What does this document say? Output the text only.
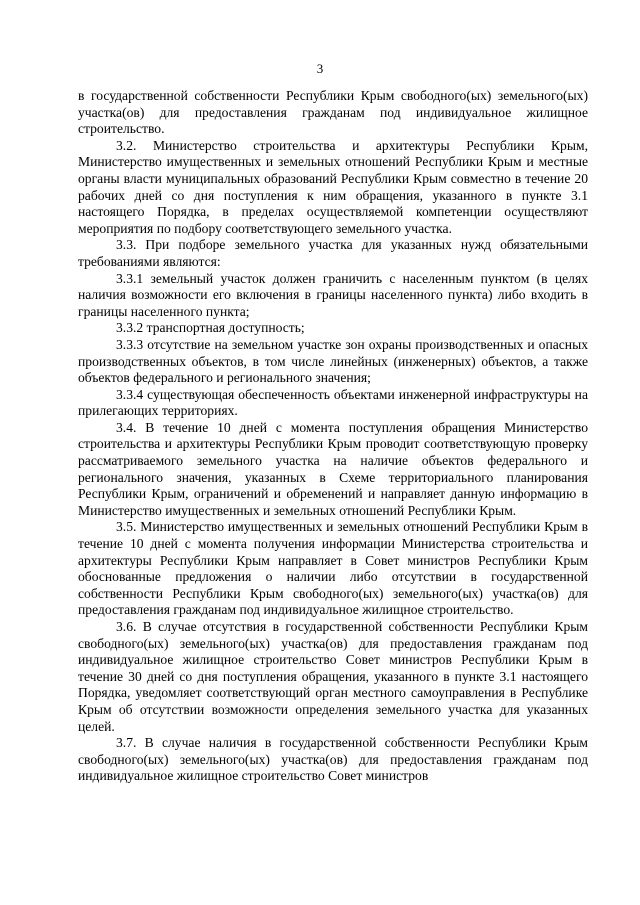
3

в государственной собственности Республики Крым свободного(ых) земельного(ых) участка(ов) для предоставления гражданам под индивидуальное жилищное строительство.

3.2. Министерство строительства и архитектуры Республики Крым, Министерство имущественных и земельных отношений Республики Крым и местные органы власти муниципальных образований Республики Крым совместно в течение 20 рабочих дней со дня поступления к ним обращения, указанного в пункте 3.1 настоящего Порядка, в пределах осуществляемой компетенции осуществляют мероприятия по подбору соответствующего земельного участка.

3.3. При подборе земельного участка для указанных нужд обязательными требованиями являются:

3.3.1 земельный участок должен граничить с населенным пунктом (в целях наличия возможности его включения в границы населенного пункта) либо входить в границы населенного пункта;

3.3.2 транспортная доступность;

3.3.3 отсутствие на земельном участке зон охраны производственных и опасных производственных объектов, в том числе линейных (инженерных) объектов, а также объектов федерального и регионального значения;

3.3.4 существующая обеспеченность объектами инженерной инфраструктуры на прилегающих территориях.

3.4. В течение 10 дней с момента поступления обращения Министерство строительства и архитектуры Республики Крым проводит соответствующую проверку рассматриваемого земельного участка на наличие объектов федерального и регионального значения, указанных в Схеме территориального планирования Республики Крым, ограничений и обременений и направляет данную информацию в Министерство имущественных и земельных отношений Республики Крым.

3.5. Министерство имущественных и земельных отношений Республики Крым в течение 10 дней с момента получения информации Министерства строительства и архитектуры Республики Крым направляет в Совет министров Республики Крым обоснованные предложения о наличии либо отсутствии в государственной собственности Республики Крым свободного(ых) земельного(ых) участка(ов) для предоставления гражданам под индивидуальное жилищное строительство.

3.6. В случае отсутствия в государственной собственности Республики Крым свободного(ых) земельного(ых) участка(ов) для предоставления гражданам под индивидуальное жилищное строительство Совет министров Республики Крым в течение 30 дней со дня поступления обращения, указанного в пункте 3.1 настоящего Порядка, уведомляет соответствующий орган местного самоуправления в Республике Крым об отсутствии возможности определения земельного участка для указанных целей.

3.7. В случае наличия в государственной собственности Республики Крым свободного(ых) земельного(ых) участка(ов) для предоставления гражданам под индивидуальное жилищное строительство Совет министров
